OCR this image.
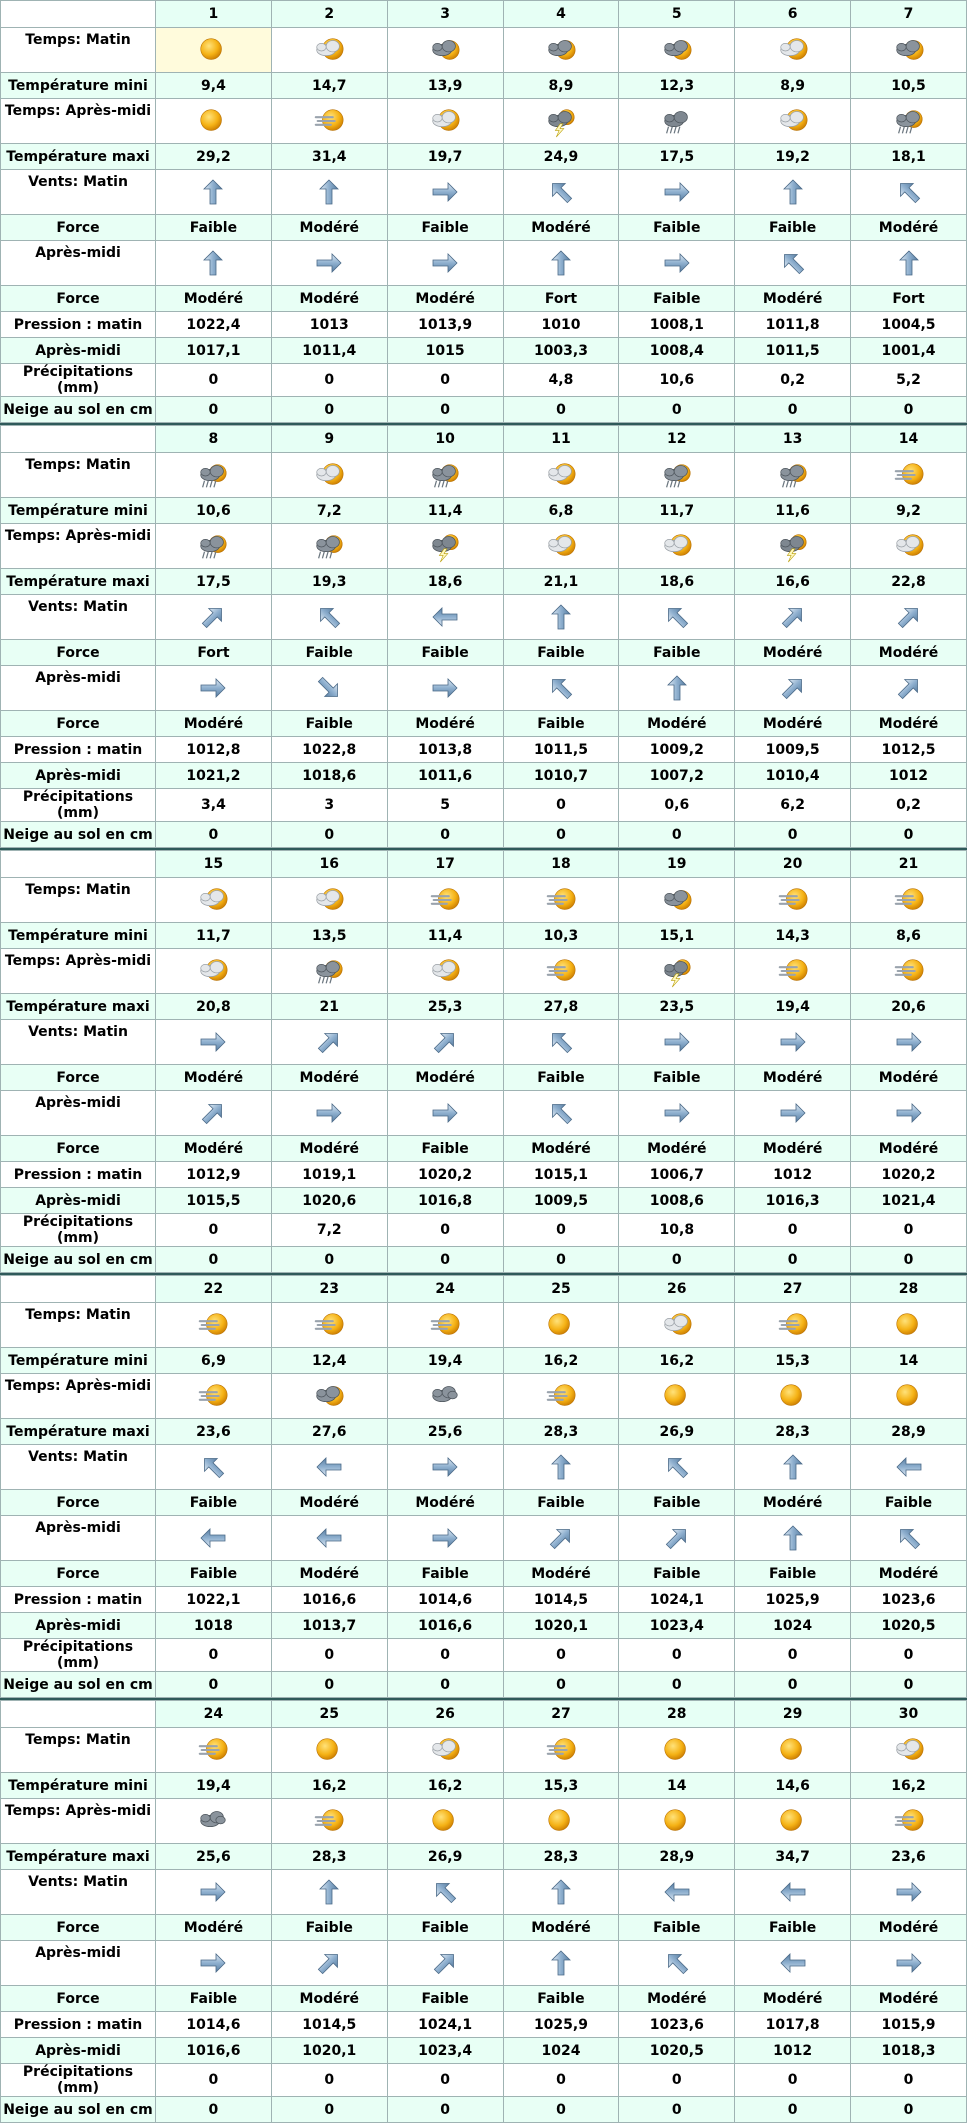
	1	2	3	4	5	6	7
Temps: Matin	

Température mini	9,4	14,7	13,9	8,9	12,3	8,9	10,5
Temps: Après-midi	

Température maxi	29,2	31,4	19,7	24,9	17,5	19,2	18,1
Vents: Matin	

Force	Faible	Modéré	Faible	Modéré	Faible	Faible	Modéré
Après-midi	

Force	Modéré	Modéré	Modéré	Fort	Faible	Modéré	Fort
Pression : matin	1022,4	1013	1013,9	1010	1008,1	1011,8	1004,5
Après-midi	1017,1	1011,4	1015	1003,3	1008,4	1011,5	1001,4
Précipitations (mm)	0	0	0	4,8	10,6	0,2	5,2
Neige au sol en cm	0	0	0	0	0	0	0
	8	9	10	11	12	13	14
Temps: Matin	

Température mini	10,6	7,2	11,4	6,8	11,7	11,6	9,2
Temps: Après-midi	

Température maxi	17,5	19,3	18,6	21,1	18,6	16,6	22,8
Vents: Matin	

Force	Fort	Faible	Faible	Faible	Faible	Modéré	Modéré
Après-midi	

Force	Modéré	Faible	Modéré	Faible	Modéré	Modéré	Modéré
Pression : matin	1012,8	1022,8	1013,8	1011,5	1009,2	1009,5	1012,5
Après-midi	1021,2	1018,6	1011,6	1010,7	1007,2	1010,4	1012
Précipitations (mm)	3,4	3	5	0	0,6	6,2	0,2
Neige au sol en cm	0	0	0	0	0	0	0
	15	16	17	18	19	20	21
Temps: Matin	

Température mini	11,7	13,5	11,4	10,3	15,1	14,3	8,6
Temps: Après-midi	

Température maxi	20,8	21	25,3	27,8	23,5	19,4	20,6
Vents: Matin	

Force	Modéré	Modéré	Modéré	Faible	Faible	Modéré	Modéré
Après-midi	

Force	Modéré	Modéré	Faible	Modéré	Modéré	Modéré	Modéré
Pression : matin	1012,9	1019,1	1020,2	1015,1	1006,7	1012	1020,2
Après-midi	1015,5	1020,6	1016,8	1009,5	1008,6	1016,3	1021,4
Précipitations (mm)	0	7,2	0	0	10,8	0	0
Neige au sol en cm	0	0	0	0	0	0	0
	22	23	24	25	26	27	28
Temps: Matin	

Température mini	6,9	12,4	19,4	16,2	16,2	15,3	14
Temps: Après-midi	

Température maxi	23,6	27,6	25,6	28,3	26,9	28,3	28,9
Vents: Matin	

Force	Faible	Modéré	Modéré	Faible	Faible	Modéré	Faible
Après-midi	

Force	Faible	Modéré	Faible	Modéré	Faible	Faible	Modéré
Pression : matin	1022,1	1016,6	1014,6	1014,5	1024,1	1025,9	1023,6
Après-midi	1018	1013,7	1016,6	1020,1	1023,4	1024	1020,5
Précipitations (mm)	0	0	0	0	0	0	0
Neige au sol en cm	0	0	0	0	0	0	0
	24	25	26	27	28	29	30
Temps: Matin	

Température mini	19,4	16,2	16,2	15,3	14	14,6	16,2
Temps: Après-midi	

Température maxi	25,6	28,3	26,9	28,3	28,9	34,7	23,6
Vents: Matin	

Force	Modéré	Faible	Faible	Modéré	Faible	Faible	Modéré
Après-midi	

Force	Faible	Modéré	Faible	Faible	Modéré	Modéré	Modéré
Pression : matin	1014,6	1014,5	1024,1	1025,9	1023,6	1017,8	1015,9
Après-midi	1016,6	1020,1	1023,4	1024	1020,5	1012	1018,3
Précipitations (mm)	0	0	0	0	0	0	0
Neige au sol en cm	0	0	0	0	0	0	0
